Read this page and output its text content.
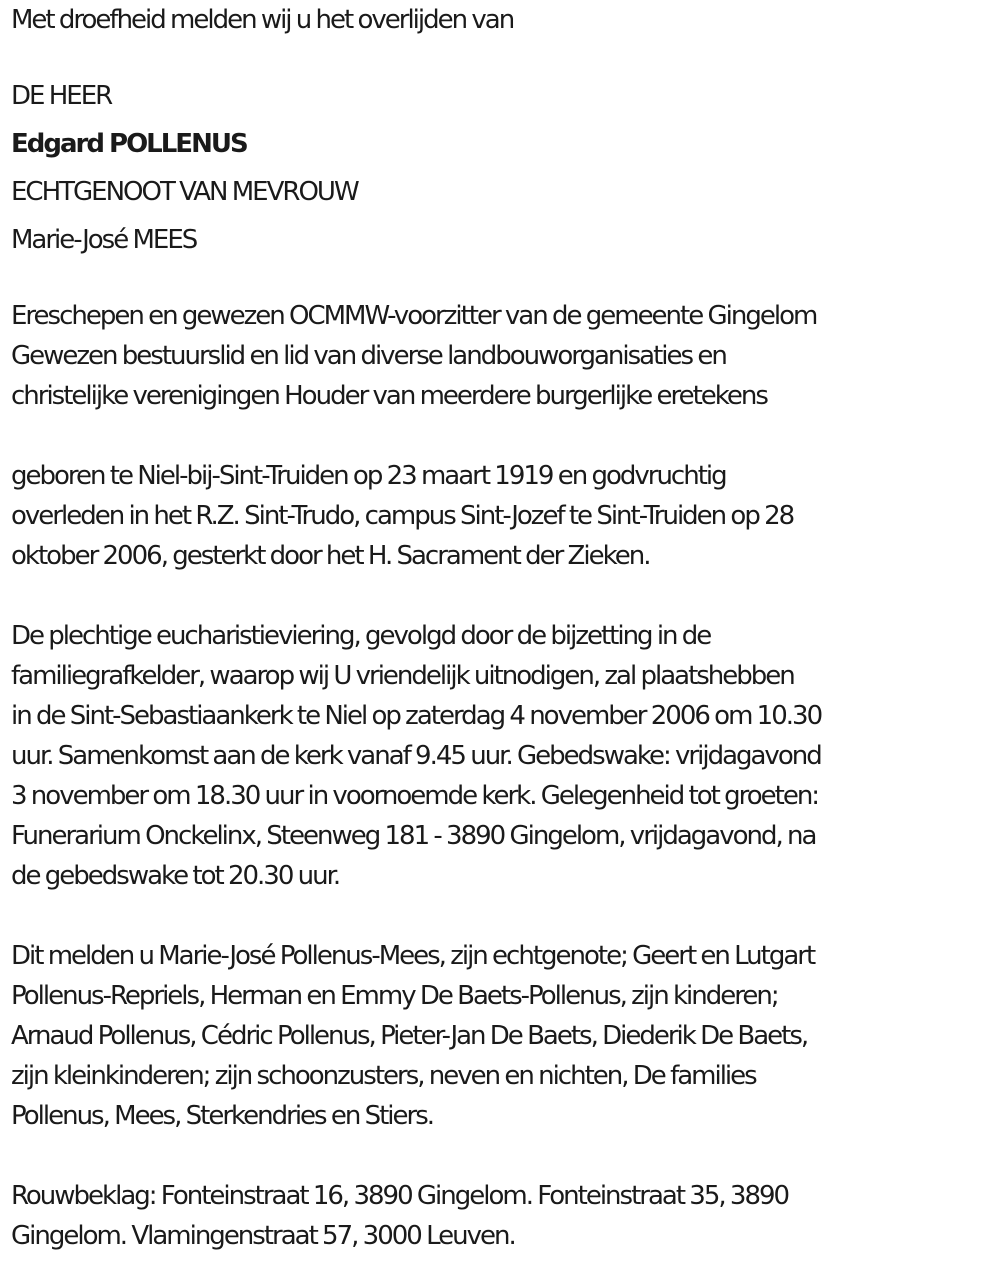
Met droefheid melden wij u het overlijden van
DE HEER
Edgard POLLENUS
ECHTGENOOT VAN MEVROUW
Marie-José MEES
Ereschepen en gewezen OCMMW-voorzitter van de gemeente Gingelom
Gewezen bestuurslid en lid van diverse landbouworganisaties en
christelijke verenigingen Houder van meerdere burgerlijke eretekens
geboren te Niel-bij-Sint-Truiden op 23 maart 1919 en godvruchtig
overleden in het R.Z. Sint-Trudo, campus Sint-Jozef te Sint-Truiden op 28
oktober 2006, gesterkt door het H. Sacrament der Zieken.
De plechtige eucharistieviering, gevolgd door de bijzetting in de
familiegrafkelder, waarop wij U vriendelijk uitnodigen, zal plaatshebben
in de Sint-Sebastiaankerk te Niel op zaterdag 4 november 2006 om 10.30
uur. Samenkomst aan de kerk vanaf 9.45 uur. Gebedswake: vrijdagavond
3 november om 18.30 uur in voornoemde kerk. Gelegenheid tot groeten:
Funerarium Onckelinx, Steenweg 181 - 3890 Gingelom, vrijdagavond, na
de gebedswake tot 20.30 uur.
Dit melden u Marie-José Pollenus-Mees, zijn echtgenote; Geert en Lutgart
Pollenus-Repriels, Herman en Emmy De Baets-Pollenus, zijn kinderen;
Arnaud Pollenus, Cédric Pollenus, Pieter-Jan De Baets, Diederik De Baets,
zijn kleinkinderen; zijn schoonzusters, neven en nichten, De families
Pollenus, Mees, Sterkendries en Stiers.
Rouwbeklag: Fonteinstraat 16, 3890 Gingelom. Fonteinstraat 35, 3890
Gingelom. Vlamingenstraat 57, 3000 Leuven.
